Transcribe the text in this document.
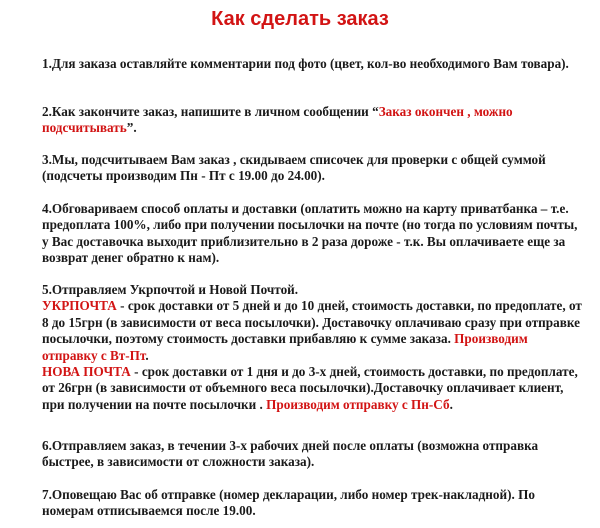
Как сделать заказ

1.Для заказа оставляйте комментарии под фото (цвет, кол-во необходимого Вам товара).

2.Как закончите заказ, напишите в личном сообщении “Заказ окончен , можно подсчитывать”.

3.Мы, подсчитываем Вам заказ , скидываем списочек для проверки с общей суммой (подсчеты производим Пн - Пт с 19.00 до 24.00).

4.Обговариваем способ оплаты и доставки (оплатить можно на карту приватбанка – т.е. предоплата 100%, либо при получении посылочки на почте (но тогда по условиям почты, у Вас доставочка выходит приблизительно в 2 раза дороже - т.к. Вы оплачиваете еще за возврат денег обратно к нам).

5.Отправляем Укрпочтой и Новой Почтой.
УКРПОЧТА - срок доставки от 5 дней и до 10 дней, стоимость доставки, по предоплате, от 8 до 15грн (в зависимости от веса посылочки). Доставочку оплачиваю сразу при отправке посылочки, поэтому стоимость доставки прибавляю к сумме заказа. Производим отправку с Вт-Пт.
НОВА ПОЧТА - срок доставки от 1 дня и до 3-х дней, стоимость доставки, по предоплате, от 26грн (в зависимости от объемного веса посылочки).Доставочку оплачивает клиент, при получении на почте посылочки . Производим отправку с Пн-Сб.

6.Отправляем заказ, в течении 3-х рабочих дней после оплаты (возможна отправка быстрее, в зависимости от сложности заказа).

7.Оповещаю Вас об отправке (номер декларации, либо номер трек-накладной). По номерам отписываемся после 19.00.
